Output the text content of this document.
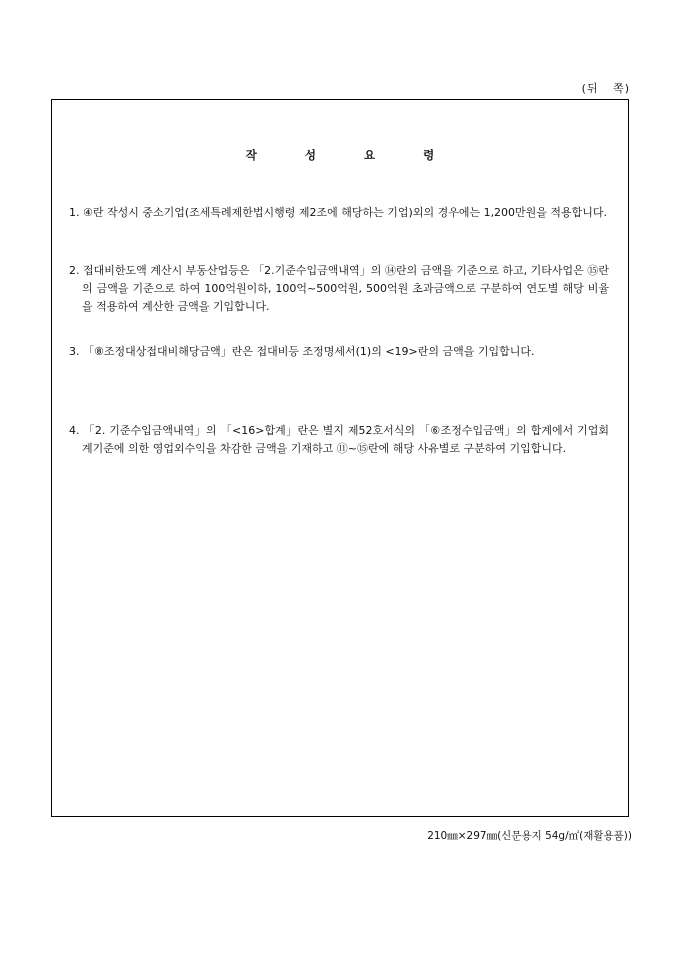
(뒤 쪽)
작 성 요 령
1. ④란 작성시 중소기업(조세특례제한법시행령 제2조에 해당하는 기업)외의 경우에는 1,200만원을 적용합니다.
2. 접대비한도액 계산시 부동산업등은 「2.기준수입금액내역」의 ⑭란의 금액을 기준으로 하고, 기타사업은 ⑮란의 금액을 기준으로 하여 100억원이하, 100억~500억원, 500억원 초과금액으로 구분하여 연도별 해당 비율을 적용하여 계산한 금액을 기입합니다.
3. 「⑧조정대상접대비해당금액」란은 접대비등 조정명세서(1)의 <19>란의 금액을 기입합니다.
4. 「2. 기준수입금액내역」의 「<16>합계」란은 별지 제52호서식의 「⑥조정수입금액」의 합계에서 기업회계기준에 의한 영업외수익을 차감한 금액을 기재하고 ⑪~⑮란에 해당 사유별로 구분하여 기입합니다.
210㎜×297㎜(신문용지 54g/㎡(재활용품))
